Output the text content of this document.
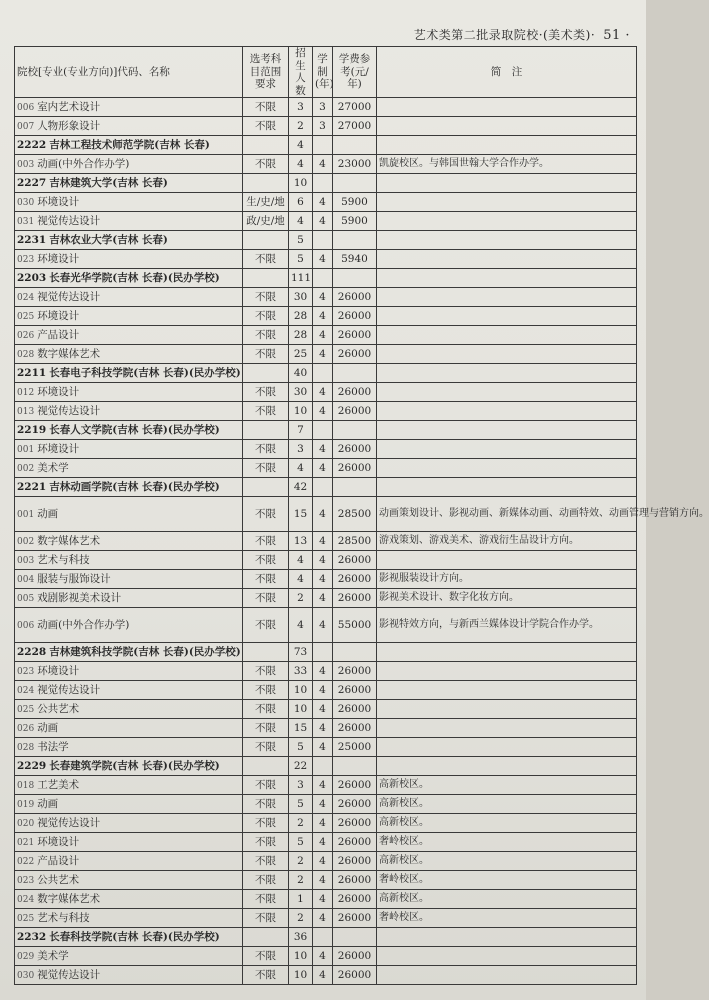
艺术类第二批录取院校·(美术类)· 51 ·
院校[专业(专业方向)]代码、名称	选考科目范围要求	招生人数	学制(年)	学费参考(元/年)	简　注
006 室内艺术设计	不限	3	3	27000	
007 人物形象设计	不限	2	3	27000	
2222 吉林工程技术师范学院(吉林 长春)		4			
003 动画(中外合作办学)	不限	4	4	23000	凯旋校区。与韩国世翰大学合作办学。
2227 吉林建筑大学(吉林 长春)		10			
030 环境设计	生/史/地	6	4	5900	
031 视觉传达设计	政/史/地	4	4	5900	
2231 吉林农业大学(吉林 长春)		5			
023 环境设计	不限	5	4	5940	
2203 长春光华学院(吉林 长春)(民办学校)		111			
024 视觉传达设计	不限	30	4	26000	
025 环境设计	不限	28	4	26000	
026 产品设计	不限	28	4	26000	
028 数字媒体艺术	不限	25	4	26000	
2211 长春电子科技学院(吉林 长春)(民办学校)		40			
012 环境设计	不限	30	4	26000	
013 视觉传达设计	不限	10	4	26000	
2219 长春人文学院(吉林 长春)(民办学校)		7			
001 环境设计	不限	3	4	26000	
002 美术学	不限	4	4	26000	
2221 吉林动画学院(吉林 长春)(民办学校)		42			
001 动画	不限	15	4	28500	动画策划设计、影视动画、新媒体动画、动画特效、动画管理与营销方向。
002 数字媒体艺术	不限	13	4	28500	游戏策划、游戏美术、游戏衍生品设计方向。
003 艺术与科技	不限	4	4	26000	
004 服装与服饰设计	不限	4	4	26000	影视服装设计方向。
005 戏剧影视美术设计	不限	2	4	26000	影视美术设计、数字化妆方向。
006 动画(中外合作办学)	不限	4	4	55000	影视特效方向，与新西兰媒体设计学院合作办学。
2228 吉林建筑科技学院(吉林 长春)(民办学校)		73			
023 环境设计	不限	33	4	26000	
024 视觉传达设计	不限	10	4	26000	
025 公共艺术	不限	10	4	26000	
026 动画	不限	15	4	26000	
028 书法学	不限	5	4	25000	
2229 长春建筑学院(吉林 长春)(民办学校)		22			
018 工艺美术	不限	3	4	26000	高新校区。
019 动画	不限	5	4	26000	高新校区。
020 视觉传达设计	不限	2	4	26000	高新校区。
021 环境设计	不限	5	4	26000	奢岭校区。
022 产品设计	不限	2	4	26000	高新校区。
023 公共艺术	不限	2	4	26000	奢岭校区。
024 数字媒体艺术	不限	1	4	26000	高新校区。
025 艺术与科技	不限	2	4	26000	奢岭校区。
2232 长春科技学院(吉林 长春)(民办学校)		36			
029 美术学	不限	10	4	26000	
030 视觉传达设计	不限	10	4	26000	
